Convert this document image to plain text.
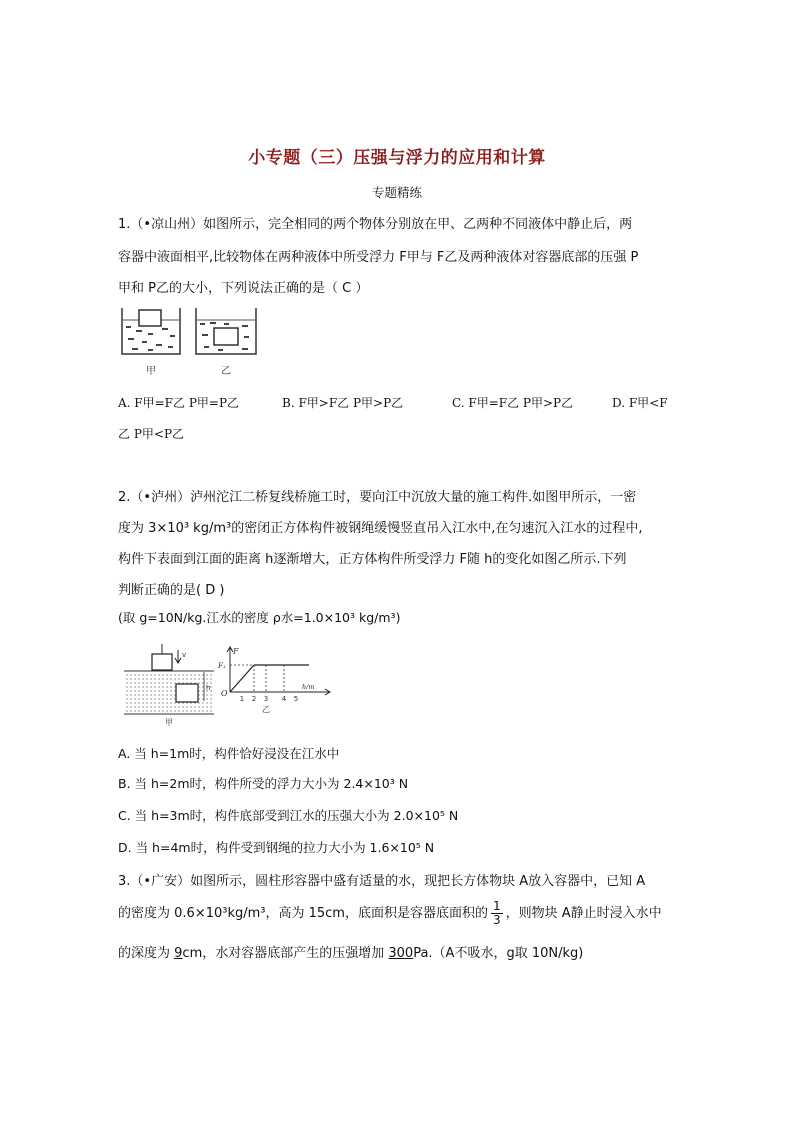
小专题（三）压强与浮力的应用和计算
专题精练
1.（•凉山州）如图所示，完全相同的两个物体分别放在甲、乙两种不同液体中静止后，两
容器中液面相平,比较物体在两种液体中所受浮力 F甲与 F乙及两种液体对容器底部的压强 P
甲和 P乙的大小，下列说法正确的是（ C ）
甲	乙
A. F甲=F乙 P甲=P乙	B. F甲>F乙 P甲>P乙	C. F甲=F乙 P甲>P乙	D. F甲<F
乙 P甲<P乙
2.（•泸州）泸州沱江二桥复线桥施工时，要向江中沉放大量的施工构件.如图甲所示，一密
度为 3×10³ kg/m³的密闭正方体构件被钢绳缓慢竖直吊入江水中,在匀速沉入江水的过程中,
构件下表面到江面的距离 h逐渐增大，正方体构件所受浮力 F随 h的变化如图乙所示.下列
判断正确的是( D )
(取 g=10N/kg.江水的密度 ρ水=1.0×10³ kg/m³)
v
h
甲
F
F₁
O
1 2 3 4 5
h/m
乙
A. 当 h=1m时，构件恰好浸没在江水中
B. 当 h=2m时，构件所受的浮力大小为 2.4×10³ N
C. 当 h=3m时，构件底部受到江水的压强大小为 2.0×10⁵ N
D. 当 h=4m时，构件受到钢绳的拉力大小为 1.6×10⁵ N
3.（•广安）如图所示，圆柱形容器中盛有适量的水，现把长方体物块 A放入容器中，已知 A
的密度为 0.6×10³kg/m³，高为 15cm，底面积是容器底面积的 $\frac{1}{3}$ ，则物块 A静止时浸入水中
的深度为 9cm，水对容器底部产生的压强增加 300Pa.（A不吸水，g取 10N/kg)
